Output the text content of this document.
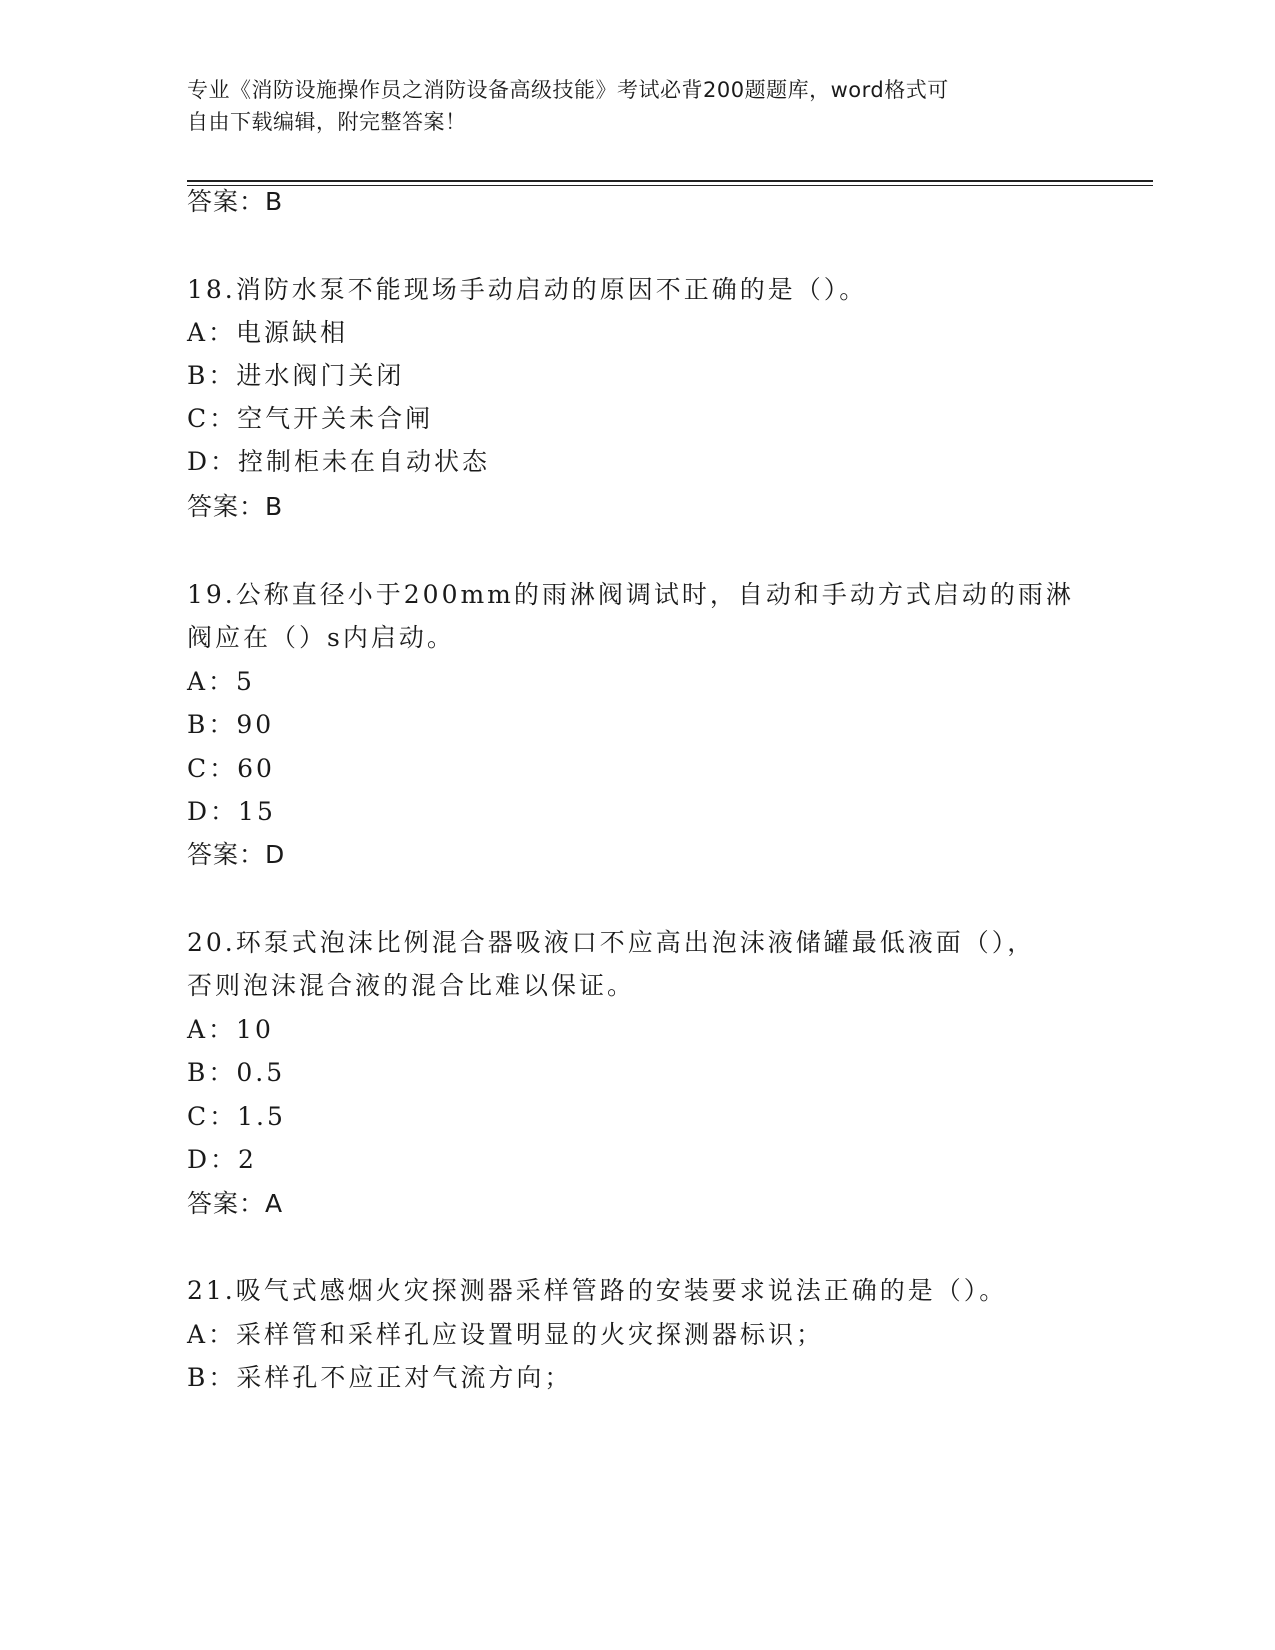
专业《消防设施操作员之消防设备高级技能》考试必背200题题库，word格式可
自由下载编辑，附完整答案！
答案：B
18.消防水泵不能现场手动启动的原因不正确的是（）。
A：电源缺相
B：进水阀门关闭
C：空气开关未合闸
D：控制柜未在自动状态
答案：B
19.公称直径小于200mm的雨淋阀调试时，自动和手动方式启动的雨淋
阀应在（）s内启动。
A：5
B：90
C：60
D：15
答案：D
20.环泵式泡沫比例混合器吸液口不应高出泡沫液储罐最低液面（），
否则泡沫混合液的混合比难以保证。
A：10
B：0.5
C：1.5
D：2
答案：A
21.吸气式感烟火灾探测器采样管路的安装要求说法正确的是（）。
A：采样管和采样孔应设置明显的火灾探测器标识；
B：采样孔不应正对气流方向；
